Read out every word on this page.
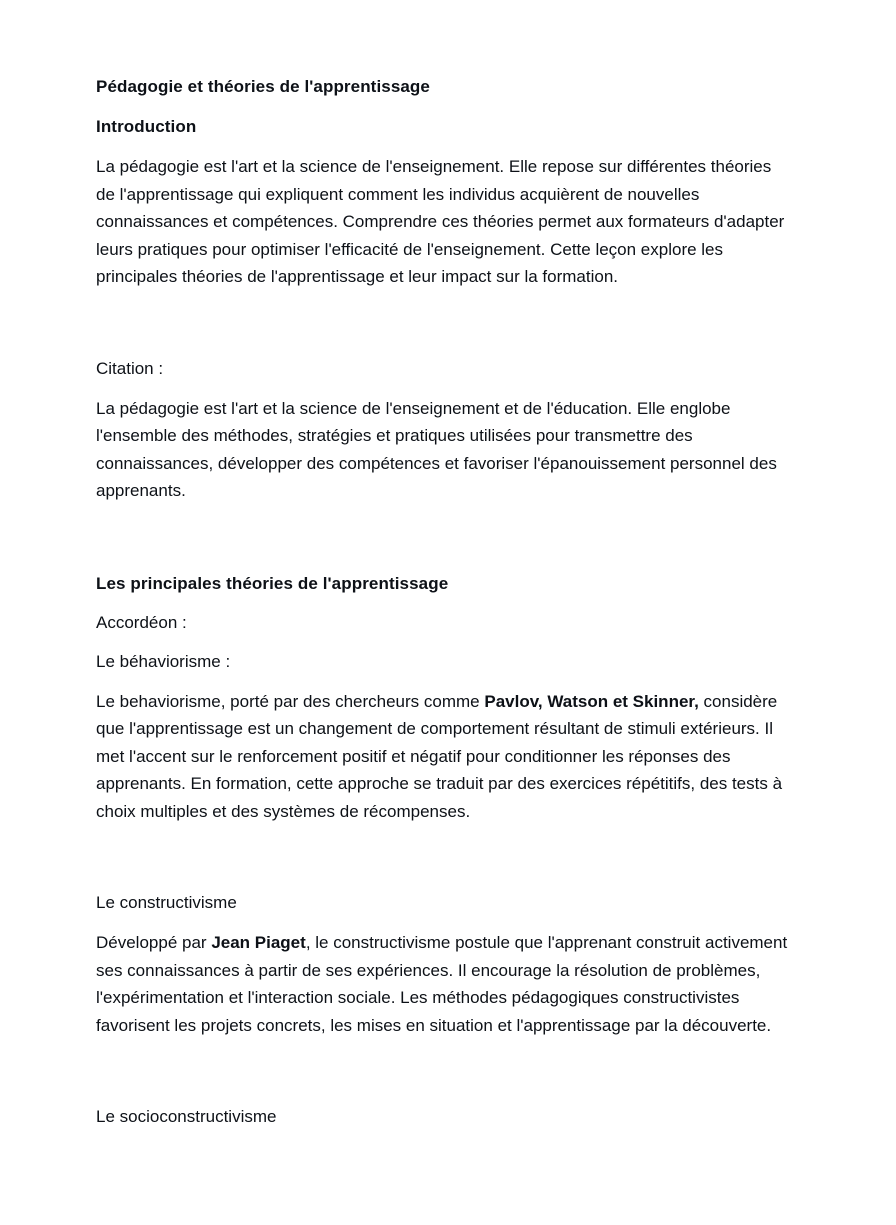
Pédagogie et théories de l'apprentissage
Introduction

La pédagogie est l'art et la science de l'enseignement. Elle repose sur différentes théories de l'apprentissage qui expliquent comment les individus acquièrent de nouvelles connaissances et compétences. Comprendre ces théories permet aux formateurs d'adapter leurs pratiques pour optimiser l'efficacité de l'enseignement. Cette leçon explore les principales théories de l'apprentissage et leur impact sur la formation.

Citation :

La pédagogie est l'art et la science de l'enseignement et de l'éducation. Elle englobe l'ensemble des méthodes, stratégies et pratiques utilisées pour transmettre des connaissances, développer des compétences et favoriser l'épanouissement personnel des apprenants.

Les principales théories de l'apprentissage

Accordéon :

Le béhaviorisme :

Le behaviorisme, porté par des chercheurs comme Pavlov, Watson et Skinner, considère que l'apprentissage est un changement de comportement résultant de stimuli extérieurs. Il met l'accent sur le renforcement positif et négatif pour conditionner les réponses des apprenants. En formation, cette approche se traduit par des exercices répétitifs, des tests à choix multiples et des systèmes de récompenses.

Le constructivisme

Développé par Jean Piaget, le constructivisme postule que l'apprenant construit activement ses connaissances à partir de ses expériences. Il encourage la résolution de problèmes, l'expérimentation et l'interaction sociale. Les méthodes pédagogiques constructivistes favorisent les projets concrets, les mises en situation et l'apprentissage par la découverte.

Le socioconstructivisme
